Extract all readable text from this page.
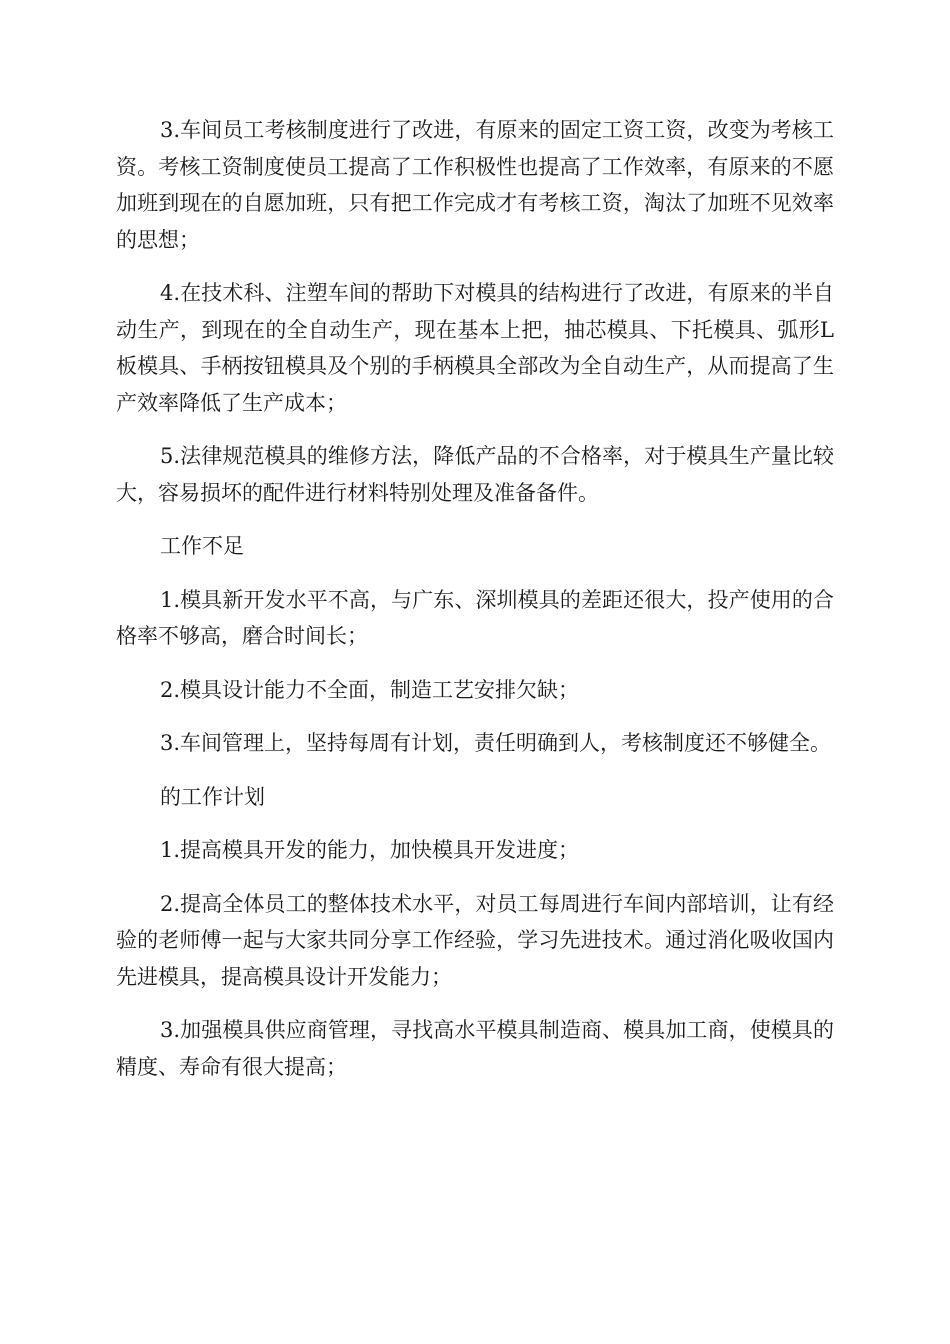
3.车间员工考核制度进行了改进，有原来的固定工资工资，改变为考核工资。考核工资制度使员工提高了工作积极性也提高了工作效率，有原来的不愿加班到现在的自愿加班，只有把工作完成才有考核工资，淘汰了加班不见效率的思想；

4.在技术科、注塑车间的帮助下对模具的结构进行了改进，有原来的半自动生产，到现在的全自动生产，现在基本上把，抽芯模具、下托模具、弧形L板模具、手柄按钮模具及个别的手柄模具全部改为全自动生产，从而提高了生产效率降低了生产成本；

5.法律规范模具的维修方法，降低产品的不合格率，对于模具生产量比较大，容易损坏的配件进行材料特别处理及准备备件。

工作不足

1.模具新开发水平不高，与广东、深圳模具的差距还很大，投产使用的合格率不够高，磨合时间长；

2.模具设计能力不全面，制造工艺安排欠缺；

3.车间管理上，坚持每周有计划，责任明确到人，考核制度还不够健全。

的工作计划

1.提高模具开发的能力，加快模具开发进度；

2.提高全体员工的整体技术水平，对员工每周进行车间内部培训，让有经验的老师傅一起与大家共同分享工作经验，学习先进技术。通过消化吸收国内先进模具，提高模具设计开发能力；

3.加强模具供应商管理，寻找高水平模具制造商、模具加工商，使模具的精度、寿命有很大提高；
